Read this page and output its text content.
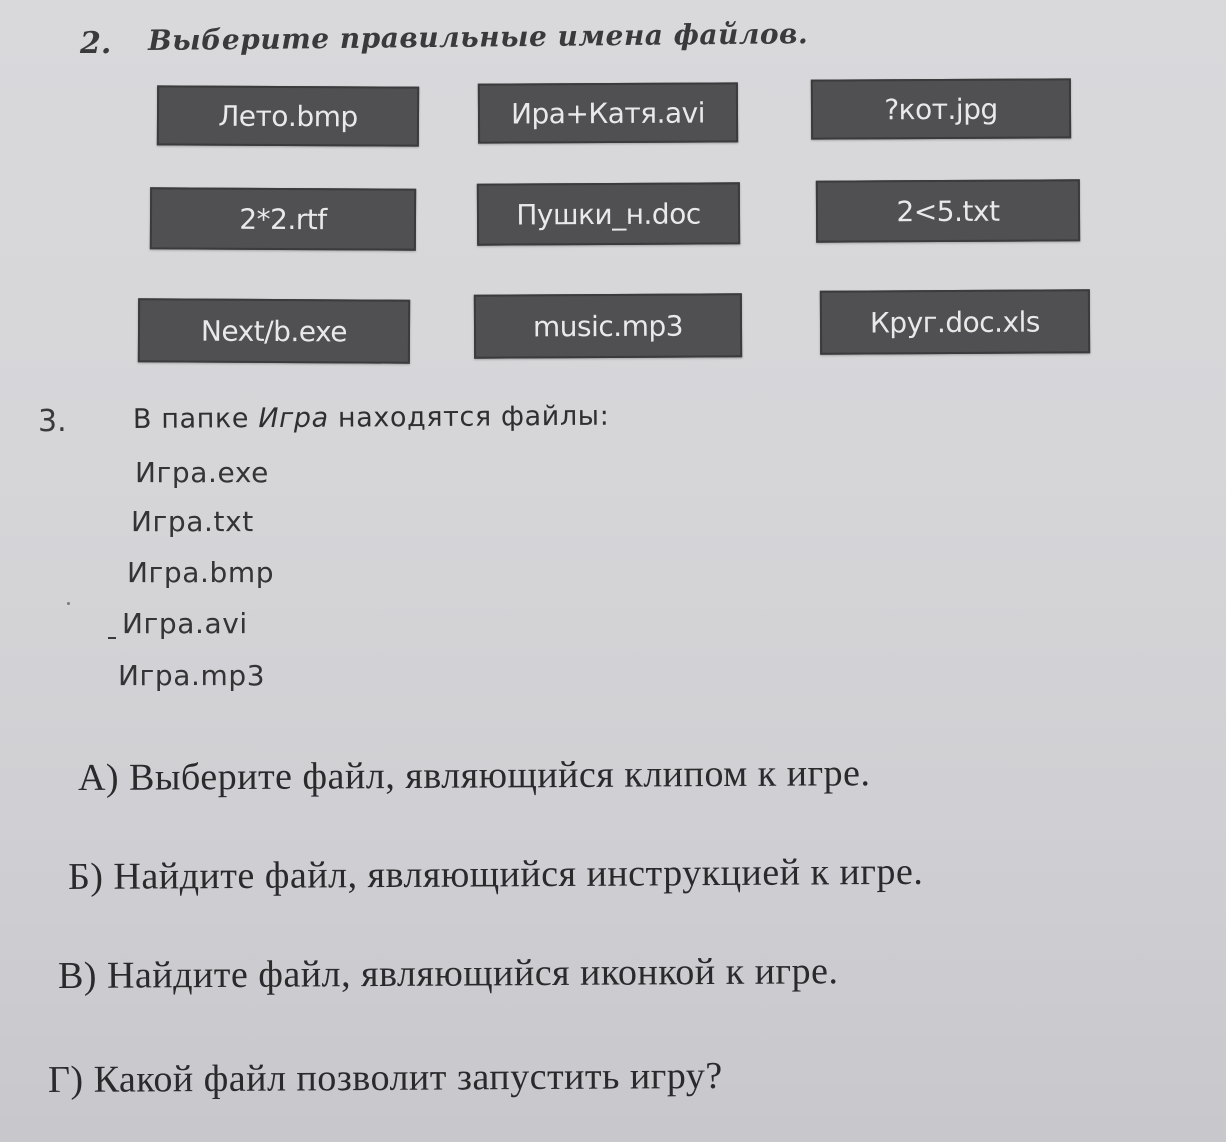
2. Выберите правильные имена файлов.
Лето.bmp	Ира+Катя.avi	?кот.jpg
2*2.rtf	Пушки_н.doc	2<5.txt
Next/b.exe	music.mp3	Круг.doc.xls
3. В папке Игра находятся файлы:
Игра.exe
Игра.txt
Игра.bmp
Игра.avi
Игра.mp3
А) Выберите файл, являющийся клипом к игре.
Б) Найдите файл, являющийся инструкцией к игре.
В) Найдите файл, являющийся иконкой к игре.
Г) Какой файл позволит запустить игру?
